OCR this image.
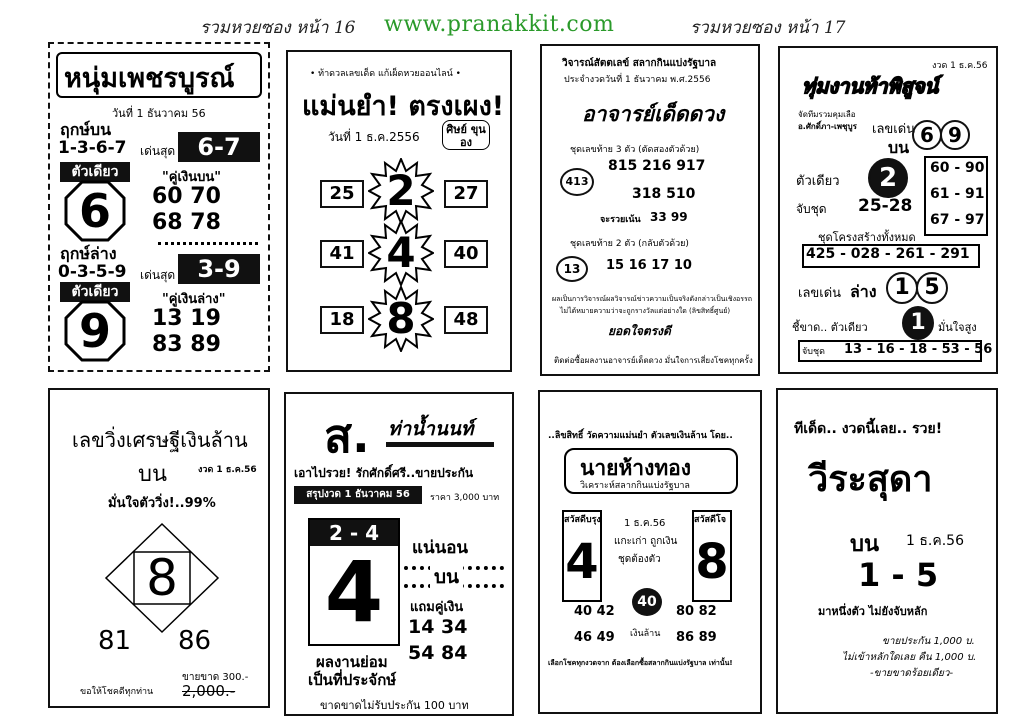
รวมหวยซอง หน้า 16 www.pranakkit.com	รวมหวยซอง หน้า 17
หนุ่มเพชรบูรณ์
วันที่ 1 ธันวาคม 56
ฤกษ์บน
1-3-6-7 เด่นสุด 6-7
ตัวเดียว
6
"คู่เงินบน"
60 70
68 78
ฤกษ์ล่าง
0-3-5-9 เด่นสุด 3-9
ตัวเดียว
9
"คู่เงินล่าง"
13 19
83 89
• ท้าดวลเลขเด็ด แก้เผ็ดหวยออนไลน์ •
แม่นยำ! ตรงเผง!
วันที่ 1 ธ.ค.2556
ศิษย์ ขุนอง
25 2	27
41 4	40
18 8	48
วิจารณ์สัตตเลข์ สลากกินแบ่งรัฐบาล
ประจำงวดวันที่ 1 ธันวาคม พ.ศ.2556
อาจารย์เด็ดดวง
ชุดเลขท้าย 3 ตัว (ตัดสองตัวด้วย)
815 216 917
413
318 510
จะรวยเน้น 33 99
ชุดเลขท้าย 2 ตัว (กลับตัวด้วย)
13	15 16 17 10
ผลเป็นการวิจารณ์ผลวิจารณ์ข่าวความเป็นจริงดังกล่าวเป็นเชิงอรรถ
ไม่ได้หมายความว่าจะถูกรางวัลแต่อย่างใด (ลิขสิทธิ์ศูนย์)
ยอดใจตรงดี
ติดต่อซื้อผลงานอาจารย์เด็ดดวง มั่นใจการเสี่ยงโชคทุกครั้ง
งวด 1 ธ.ค.56
ทุ่มงานท้าพิสูจน์
จัดทีมรวมคุมเลือ
อ.ศักดิ์ภา-เพชุบูร เลขเด่น
บน
6 9
ตัวเดียว	2	60 - 90
61 - 91
67 - 97
จับชุด 25-28
ชุดโครงสร้างทั้งหมด
425 - 028 - 261 - 291
เลขเด่น ล่าง 1 5
ชี้ขาด.. ตัวเดียว	1	มั่นใจสูง
จับชุด 13 - 16 - 18 - 53 - 56
เลขวิ่งเศรษฐีเงินล้าน
บน	งวด 1 ธ.ค.56
มั่นใจตัววิ่ง!..99%
8
81 86
ขอให้โชคดีทุกท่าน
ขายขาด 300.-
2,000.-
ส. ท่าน้ำนนท์
เอาไปรวย! รักศักดิ์ศรี..ขายประกัน
สรุปงวด 1 ธันวาคม 56	ราคา 3,000 บาท
2 - 4
4	แน่นอน
บน
แถมคู่เงิน
14 34
54 84
ผลงานย่อม
เป็นที่ประจักษ์
ขาดขาดไม่รับประกัน 100 บาท
..ลิขสิทธิ์ วัดความแม่นยำ ตัวเลขเงินล้าน โดย..
นายห้างทอง
วิเคราะห์สลากกินแบ่งรัฐบาล
สวัสดีบรุง
4
สวัสดีโจ
8
1 ธ.ค.56
แกะเก่า ถูกเงิน
ชุดต้องตัว
40
40 42	80 82
46 49 เงินล้าน 86 89
เลือกโชคทุกงวดจาก ต้องเลือกซื้อสลากกินแบ่งรัฐบาล เท่านั้น!
ทีเด็ด.. งวดนี้เลย.. รวย!
วีระสุดา
บน 1 ธ.ค.56
1 - 5
มาหนึ่งตัว ไม่ยังจับหลัก
ขายประกัน 1,000 บ.
ไม่เข้าหลักใดเลย คืน 1,000 บ.
-ขายขาดร้อยเดียว-
